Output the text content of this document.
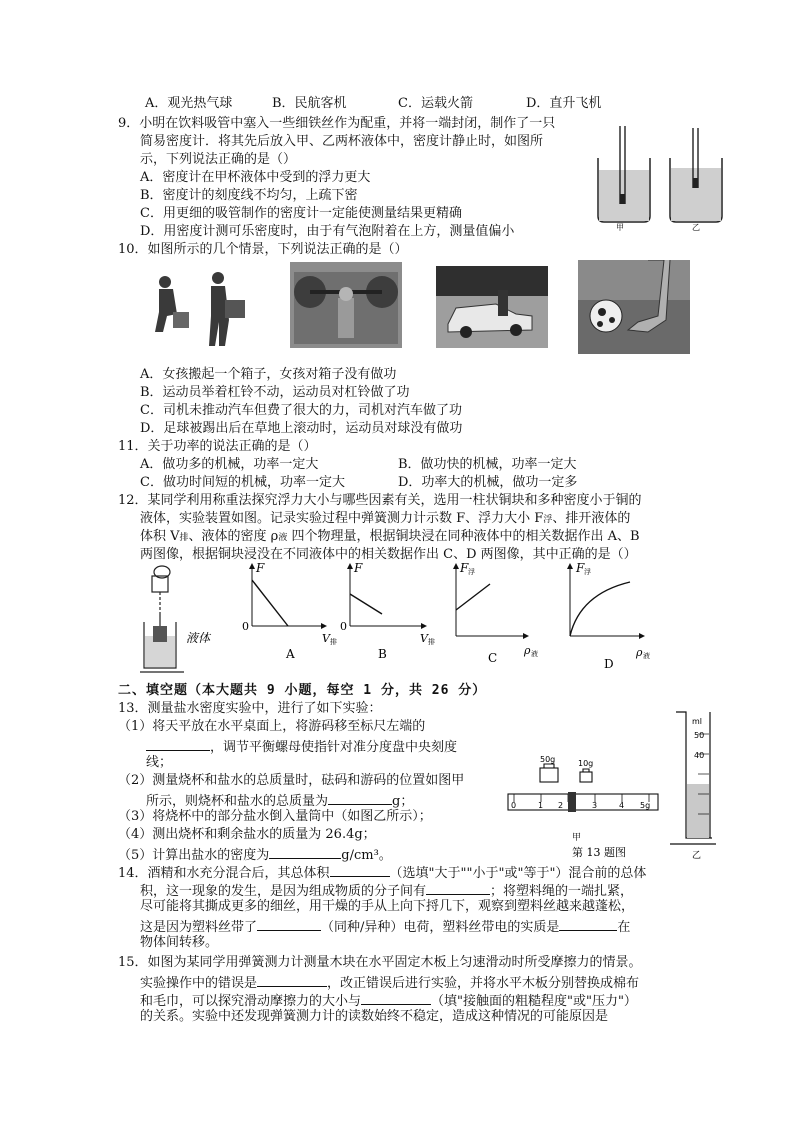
A．观光热气球	B．民航客机	C．运载火箭	D．直升飞机
9．小明在饮料吸管中塞入一些细铁丝作为配重，并将一端封闭，制作了一只
简易密度计．将其先后放入甲、乙两杯液体中，密度计静止时，如图所
示，下列说法正确的是（）
A．密度计在甲杯液体中受到的浮力更大
B．密度计的刻度线不均匀，上疏下密
C．用更细的吸管制作的密度计一定能使测量结果更精确
D．用密度计测可乐密度时，由于有气泡附着在上方，测量值偏小	甲	乙
10．如图所示的几个情景，下列说法正确的是（）
A．女孩搬起一个箱子，女孩对箱子没有做功
B．运动员举着杠铃不动，运动员对杠铃做了功
C．司机未推动汽车但费了很大的力，司机对汽车做了功
D．足球被踢出后在草地上滚动时，运动员对球没有做功
11．关于功率的说法正确的是（）
A．做功多的机械，功率一定大	B．做功快的机械，功率一定大
C．做功时间短的机械，功率一定大	D．功率大的机械，做功一定多
12．某同学利用称重法探究浮力大小与哪些因素有关，选用一柱状铜块和多种密度小于铜的
液体，实验装置如图。记录实验过程中弹簧测力计示数 F、浮力大小 F浮、排开液体的
体积 V排、液体的密度 ρ液 四个物理量，根据铜块浸在同种液体中的相关数据作出 A、B
两图像，根据铜块浸没在不同液体中的相关数据作出 C、D 两图像，其中正确的是（）
液体
F
0
V 排
A
F
0
V 排
B
F 浮
ρ 液
C
F 浮
ρ 液
D
二、填空题（本大题共 9 小题，每空 1 分，共 26 分）
13．测量盐水密度实验中，进行了如下实验：
（1）将天平放在水平桌面上，将游码移至标尺左端的
，调节平衡螺母使指针对准分度盘中央刻度
线；
（2）测量烧杯和盐水的总质量时，砝码和游码的位置如图甲
所示，则烧杯和盐水的总质量为	g；
（3）将烧杯中的部分盐水倒入量筒中（如图乙所示）；
（4）测出烧杯和剩余盐水的质量为 26.4g；
（5）计算出盐水的密度为	g/cm³。
50g	10g
0	1 2	3	4 5g
甲
第 13 题图
ml
50
40
乙
14．酒精和水充分混合后，其总体积	（选填"大于""小于"或"等于"）混合前的总体
积，这一现象的发生，是因为组成物质的分子间有	；将塑料绳的一端扎紧，
尽可能将其撕成更多的细丝，用干燥的手从上向下捋几下，观察到塑料丝越来越蓬松，
这是因为塑料丝带了	（同种/异种）电荷，塑料丝带电的实质是	在
物体间转移。
15．如图为某同学用弹簧测力计测量木块在水平固定木板上匀速滑动时所受摩擦力的情景。
实验操作中的错误是	，改正错误后进行实验，并将水平木板分别替换成棉布
和毛巾，可以探究滑动摩擦力的大小与	（填"接触面的粗糙程度"或"压力"）
的关系。实验中还发现弹簧测力计的读数始终不稳定，造成这种情况的可能原因是
